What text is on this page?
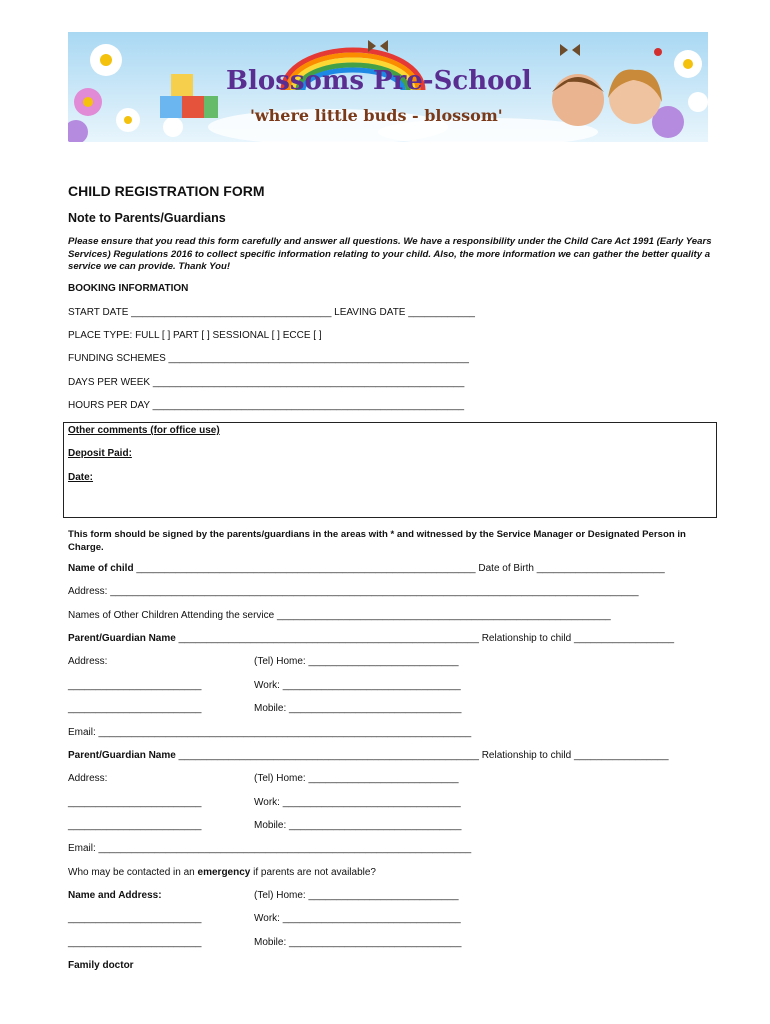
Blossoms Pre-School
'where little buds - blossom'
CHILD REGISTRATION FORM
Note to Parents/Guardians
Please ensure that you read this form carefully and answer all questions. We have a responsibility under the Child Care Act 1991 (Early Years Services) Regulations 2016 to collect specific information relating to your child. Also, the more information we can gather the better quality a service we can provide. Thank You!
BOOKING INFORMATION
START DATE ____________________________________ LEAVING DATE ____________
PLACE TYPE: FULL [ ] PART [ ] SESSIONAL [ ] ECCE [ ]
FUNDING SCHEMES ______________________________________________________
DAYS PER WEEK ________________________________________________________
HOURS PER DAY ________________________________________________________
Other comments (for office use)
Deposit Paid:
Date:
This form should be signed by the parents/guardians in the areas with * and witnessed by the Service Manager or Designated Person in Charge.
Name of child _____________________________________________________________ Date of Birth _______________________
Address: _______________________________________________________________________________________________
Names of Other Children Attending the service ____________________________________________________________
Parent/Guardian Name ______________________________________________________ Relationship to child __________________
Address:	(Tel) Home: ___________________________
________________________	Work: ________________________________
________________________	Mobile: _______________________________
Email: ___________________________________________________________________
Parent/Guardian Name ______________________________________________________ Relationship to child _________________
Address:	(Tel) Home: ___________________________
________________________	Work: ________________________________
________________________	Mobile: _______________________________
Email: ___________________________________________________________________
Who may be contacted in an emergency if parents are not available?
Name and Address:	(Tel) Home: ___________________________
________________________	Work: ________________________________
________________________	Mobile: _______________________________
Family doctor
